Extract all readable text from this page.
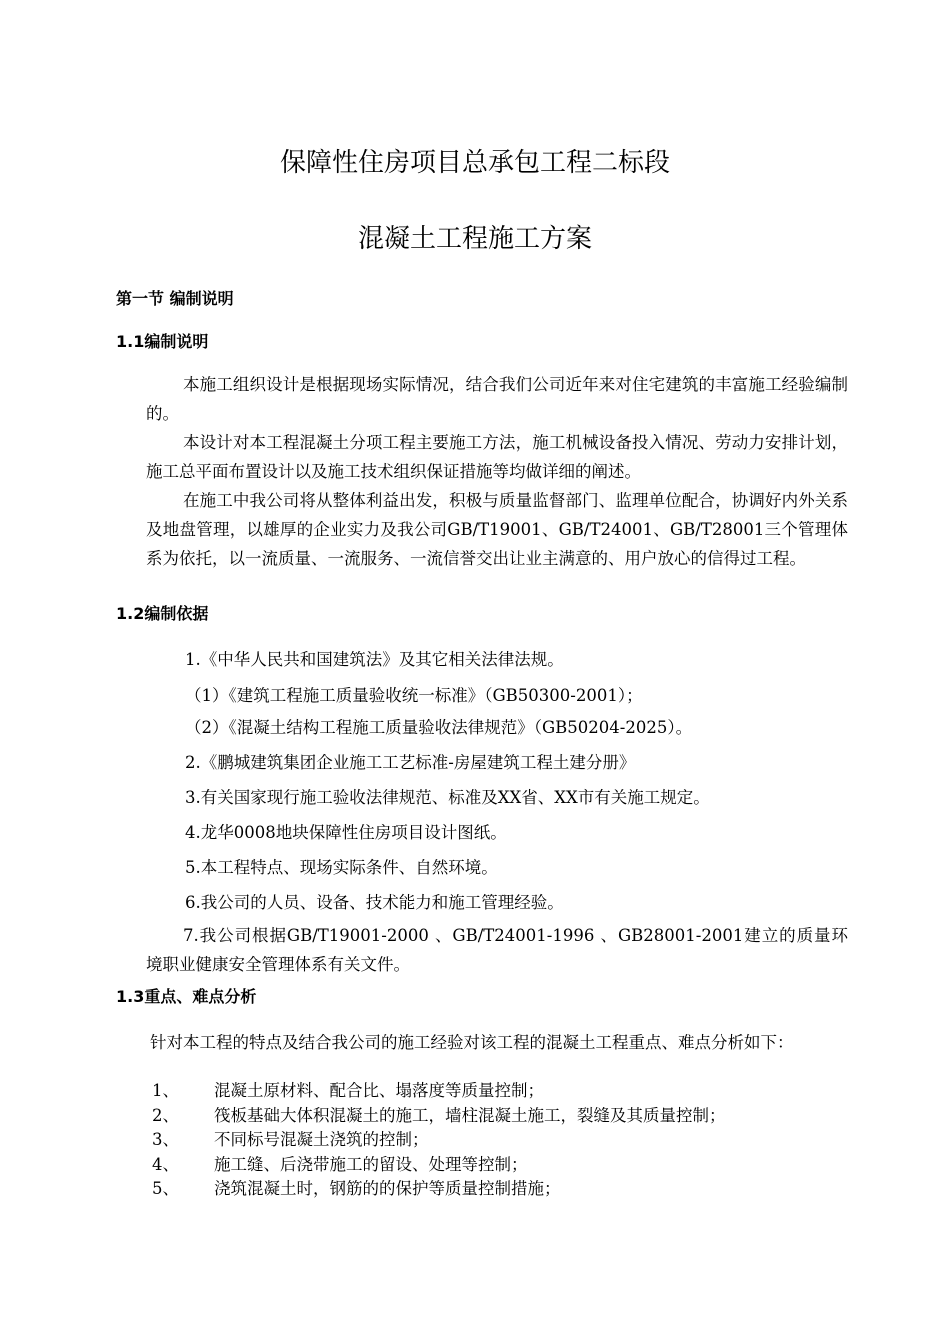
保障性住房项目总承包工程二标段
混凝土工程施工方案
第一节 编制说明
1.1编制说明

本施工组织设计是根据现场实际情况，结合我们公司近年来对住宅建筑的丰富施工经验编制的。

本设计对本工程混凝土分项工程主要施工方法，施工机械设备投入情况、劳动力安排计划，施工总平面布置设计以及施工技术组织保证措施等均做详细的阐述。

在施工中我公司将从整体利益出发，积极与质量监督部门、监理单位配合，协调好内外关系及地盘管理，以雄厚的企业实力及我公司GB/T19001、GB/T24001、GB/T28001三个管理体系为依托，以一流质量、一流服务、一流信誉交出让业主满意的、用户放心的信得过工程。

1.2编制依据

1.《中华人民共和国建筑法》及其它相关法律法规。

（1）《建筑工程施工质量验收统一标准》（GB50300-2001）；

（2）《混凝土结构工程施工质量验收法律规范》（GB50204-2025）。

2.《鹏城建筑集团企业施工工艺标准-房屋建筑工程土建分册》

3.有关国家现行施工验收法律规范、标准及XX省、XX市有关施工规定。

4.龙华0008地块保障性住房项目设计图纸。

5.本工程特点、现场实际条件、自然环境。

6.我公司的人员、设备、技术能力和施工管理经验。

7.我公司根据GB/T19001-2000 、GB/T24001-1996 、GB28001-2001建立的质量环境职业健康安全管理体系有关文件。

1.3重点、难点分析

针对本工程的特点及结合我公司的施工经验对该工程的混凝土工程重点、难点分析如下：

1、 混凝土原材料、配合比、塌落度等质量控制；
2、 筏板基础大体积混凝土的施工，墙柱混凝土施工，裂缝及其质量控制；
3、 不同标号混凝土浇筑的控制；
4、 施工缝、后浇带施工的留设、处理等控制；
5、 浇筑混凝土时，钢筋的的保护等质量控制措施；
